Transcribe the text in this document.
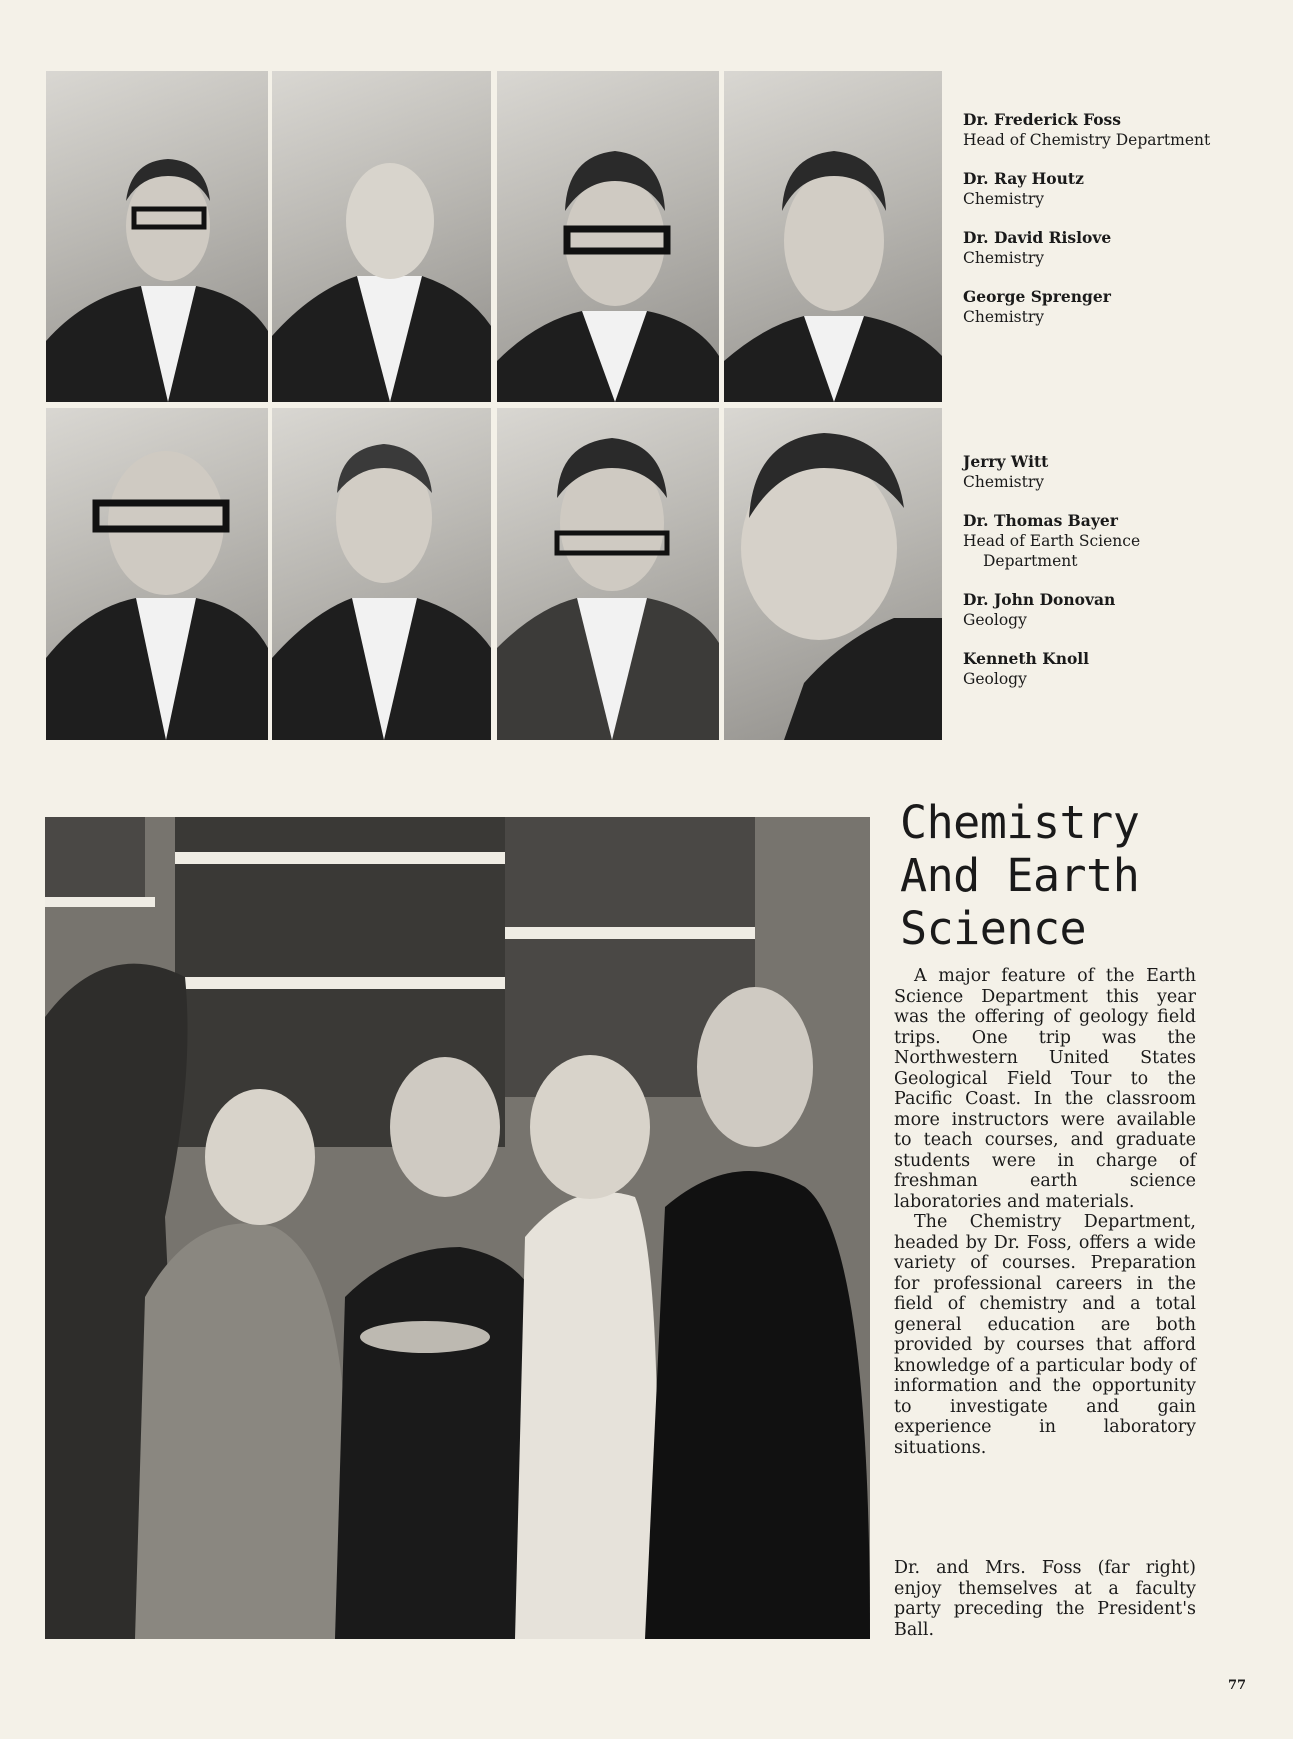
Dr. Frederick Foss
Head of Chemistry Department
Dr. Ray Houtz
Chemistry
Dr. David Rislove
Chemistry
George Sprenger
Chemistry
Jerry Witt
Chemistry
Dr. Thomas Bayer
Head of Earth Science Department
Dr. John Donovan
Geology
Kenneth Knoll
Geology
Chemistry
And Earth
Science

A major feature of the Earth Science Department this year was the offering of geology field trips. One trip was the Northwestern United States Geological Field Tour to the Pacific Coast. In the classroom more instructors were available to teach courses, and graduate students were in charge of freshman earth science laboratories and materials.

The Chemistry Department, headed by Dr. Foss, offers a wide variety of courses. Preparation for professional careers in the field of chemistry and a total general education are both provided by courses that afford knowledge of a particular body of information and the opportunity to investigate and gain experience in laboratory situations.

Dr. and Mrs. Foss (far right) enjoy themselves at a faculty party preceding the President's Ball.

77
